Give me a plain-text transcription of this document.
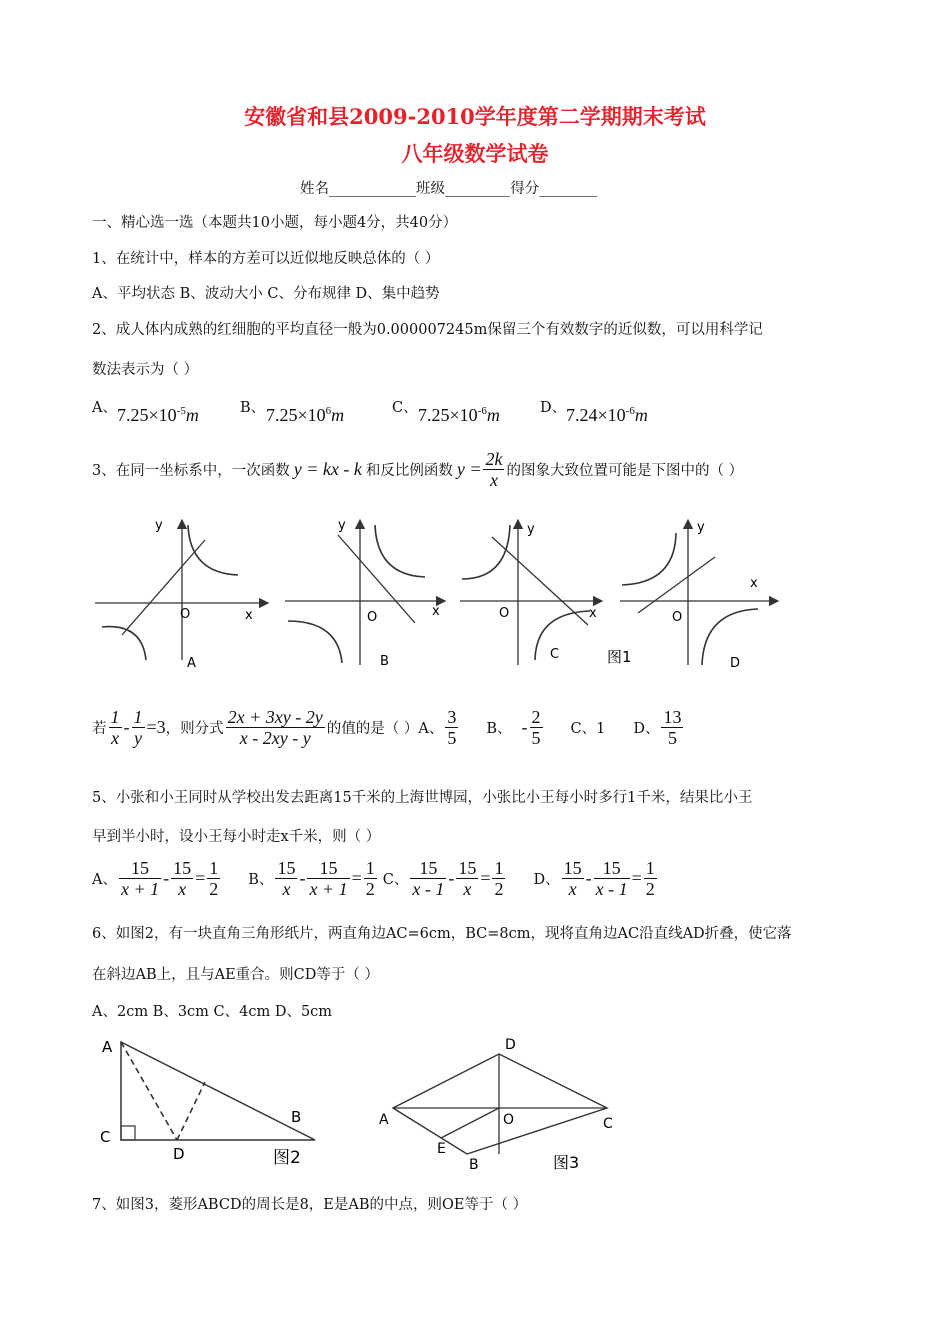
安徽省和县2009-2010学年度第二学期期末考试
八年级数学试卷
姓名____________班级_________得分________
一、精心选一选（本题共10小题，每小题4分，共40分）
1、在统计中，样本的方差可以近似地反映总体的（ ）
A、平均状态 B、波动大小 C、分布规律 D、集中趋势
2、成人体内成熟的红细胞的平均直径一般为0.000007245m保留三个有效数字的近似数，可以用科学记
数法表示为（ ）
A、 $7.25\times 10^{-5}m$	B、 $7.25\times 10^6m$	C、 $7.25\times 10^{-6}m$	D、 $7.24\times 10^{-6}m$
3、在同一坐标系中，一次函数 y = kx - k 和反比例函数 $y = \frac{2k}{x}$ 的图象大致位置可能是下图中的（ ）
y
x
O
A
y
x
O
B
y
x
O
C	图1
y
x
O
D
若 $\frac{1}{x} - \frac{1}{y} =3$ ，则分式 $\frac{2x + 3xy - 2y}{x - 2xy - y}$ 的值的是（ ）A、 $\frac{3}{5}$ B、 - $\frac{2}{5}$ C、1 D、 $\frac{13}{5}$
5、小张和小王同时从学校出发去距离15千米的上海世博园，小张比小王每小时多行1千米，结果比小王
早到半小时，设小王每小时走x千米，则（ ）
A、 $\frac{15}{x + 1} - \frac{15}{x} = \frac{1}{2}$ B、 $\frac{15}{x} - \frac{15}{x + 1} = \frac{1}{2}$ C、 $\frac{15}{x - 1} - \frac{15}{x} = \frac{1}{2}$ D、 $\frac{15}{x} - \frac{15}{x - 1} = \frac{1}{2}$
6、如图2，有一块直角三角形纸片，两直角边AC=6cm，BC=8cm，现将直角边AC沿直线AD折叠，使它落
在斜边AB上，且与AE重合。则CD等于（ ）
A、2cm B、3cm C、4cm D、5cm
A
C
D
B
图2
A
D
C
O
E
B	图3
7、如图3，菱形ABCD的周长是8，E是AB的中点，则OE等于（ ）
